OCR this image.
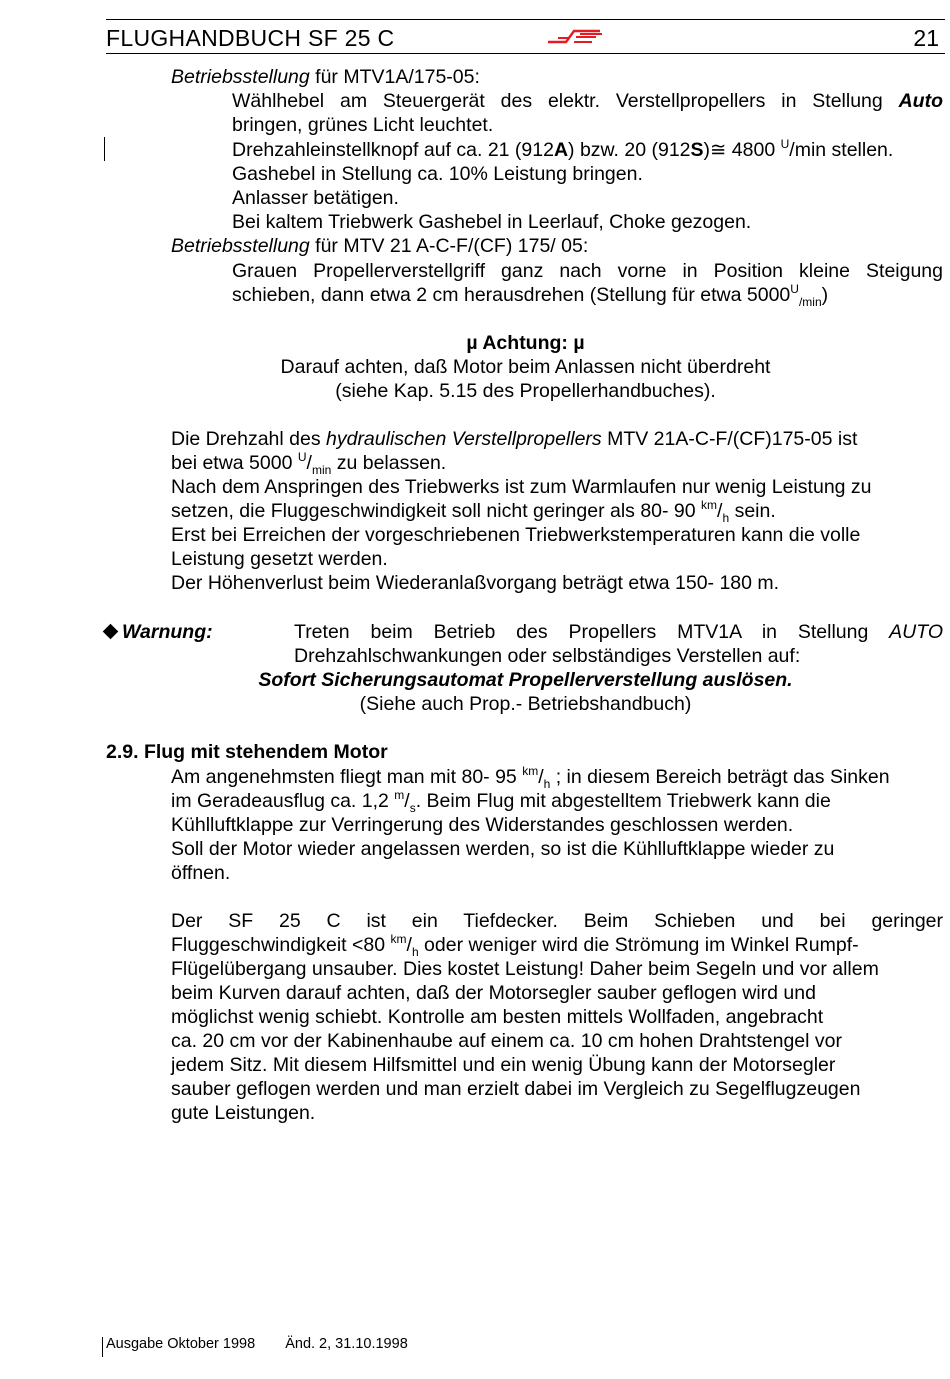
FLUGHANDBUCH SF 25 C	21
Betriebsstellung für MTV1A/175-05:
Wählhebel am Steuergerät des elektr. Verstellpropellers in Stellung Auto
bringen, grünes Licht leuchtet.
Drehzahleinstellknopf auf ca. 21 (912A) bzw. 20 (912S)≅ 4800 $^U$/min stellen.
Gashebel in Stellung ca. 10% Leistung bringen.
Anlasser betätigen.
Bei kaltem Triebwerk Gashebel in Leerlauf, Choke gezogen.
Betriebsstellung für MTV 21 A-C-F/(CF) 175/ 05:
Grauen Propellerverstellgriff ganz nach vorne in Position kleine Steigung
schieben, dann etwa 2 cm herausdrehen (Stellung für etwa $5000^U_{/min}$)
µ Achtung: µ
Darauf achten, daß Motor beim Anlassen nicht überdreht
(siehe Kap. 5.15 des Propellerhandbuches).
Die Drehzahl des hydraulischen Verstellpropellers MTV 21A-C-F/(CF)175-05 ist
bei etwa 5000 $^U/_{min}$ zu belassen.
Nach dem Anspringen des Triebwerks ist zum Warmlaufen nur wenig Leistung zu
setzen, die Fluggeschwindigkeit soll nicht geringer als 80- 90 $^{km}/_h$ sein.
Erst bei Erreichen der vorgeschriebenen Triebwerkstemperaturen kann die volle
Leistung gesetzt werden.
Der Höhenverlust beim Wiederanlaßvorgang beträgt etwa 150- 180 m.
Warnung:	Treten beim Betrieb des Propellers MTV1A in Stellung AUTO
Drehzahlschwankungen oder selbständiges Verstellen auf:
Sofort Sicherungsautomat Propellerverstellung auslösen.
(Siehe auch Prop.- Betriebshandbuch)
2.9. Flug mit stehendem Motor
Am angenehmsten fliegt man mit 80- 95 $^{km}/_h$ ; in diesem Bereich beträgt das Sinken
im Geradeausflug ca. 1,2 $^m/_s$. Beim Flug mit abgestelltem Triebwerk kann die
Kühlluftklappe zur Verringerung des Widerstandes geschlossen werden.
Soll der Motor wieder angelassen werden, so ist die Kühlluftklappe wieder zu
öffnen.
Der SF 25 C ist ein Tiefdecker. Beim Schieben und bei geringer
Fluggeschwindigkeit <80 $^{km}/_h$ oder weniger wird die Strömung im Winkel Rumpf-
Flügelübergang unsauber. Dies kostet Leistung! Daher beim Segeln und vor allem
beim Kurven darauf achten, daß der Motorsegler sauber geflogen wird und
möglichst wenig schiebt. Kontrolle am besten mittels Wollfaden, angebracht
ca. 20 cm vor der Kabinenhaube auf einem ca. 10 cm hohen Drahtstengel vor
jedem Sitz. Mit diesem Hilfsmittel und ein wenig Übung kann der Motorsegler
sauber geflogen werden und man erzielt dabei im Vergleich zu Segelflugzeugen
gute Leistungen.
Ausgabe Oktober 1998 Änd. 2, 31.10.1998
